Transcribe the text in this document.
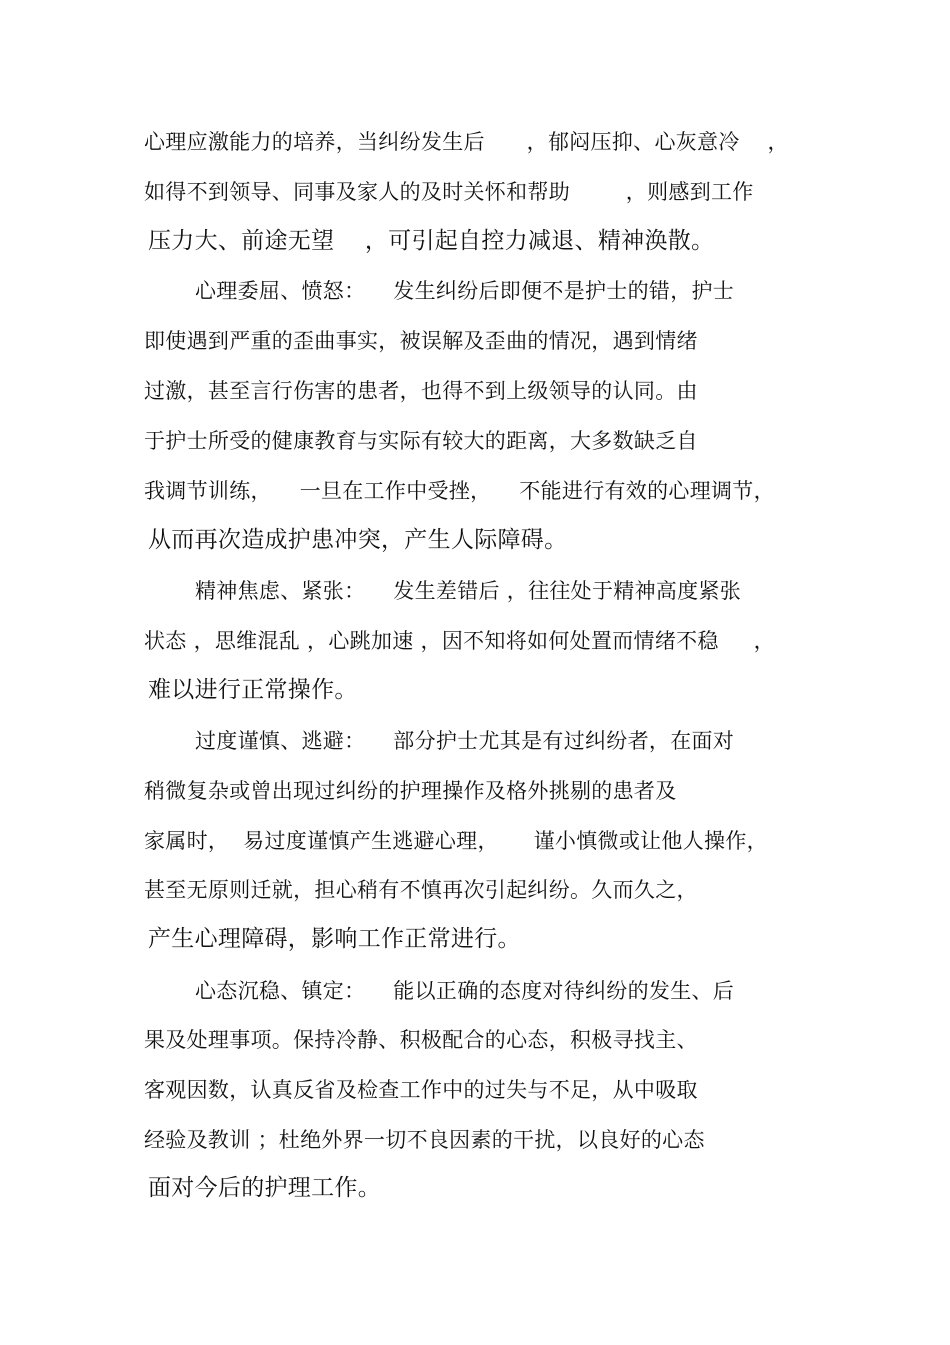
心理应激能力的培养，当纠纷发生后      ，郁闷压抑、心灰意冷    ，
如得不到领导、同事及家人的及时关怀和帮助        ，则感到工作
压力大、前途无望    ，可引起自控力减退、精神涣散。
心理委屈、愤怒：    发生纠纷后即便不是护士的错，护士
即使遇到严重的歪曲事实，被误解及歪曲的情况，遇到情绪
过激，甚至言行伤害的患者，也得不到上级领导的认同。由
于护士所受的健康教育与实际有较大的距离，大多数缺乏自
我调节训练，    一旦在工作中受挫，    不能进行有效的心理调节，
从而再次造成护患冲突，产生人际障碍。
精神焦虑、紧张：    发生差错后 ，往往处于精神高度紧张
状态 ，思维混乱 ，心跳加速 ，因不知将如何处置而情绪不稳     ，
难以进行正常操作。
过度谨慎、逃避：    部分护士尤其是有过纠纷者，在面对
稍微复杂或曾出现过纠纷的护理操作及格外挑剔的患者及
家属时，  易过度谨慎产生逃避心理，     谨小慎微或让他人操作，
甚至无原则迁就，担心稍有不慎再次引起纠纷。久而久之，
产生心理障碍，影响工作正常进行。
心态沉稳、镇定：    能以正确的态度对待纠纷的发生、后
果及处理事项。保持冷静、积极配合的心态，积极寻找主、
客观因数，认真反省及检查工作中的过失与不足，从中吸取
经验及教训 ；杜绝外界一切不良因素的干扰，以良好的心态
面对今后的护理工作。
